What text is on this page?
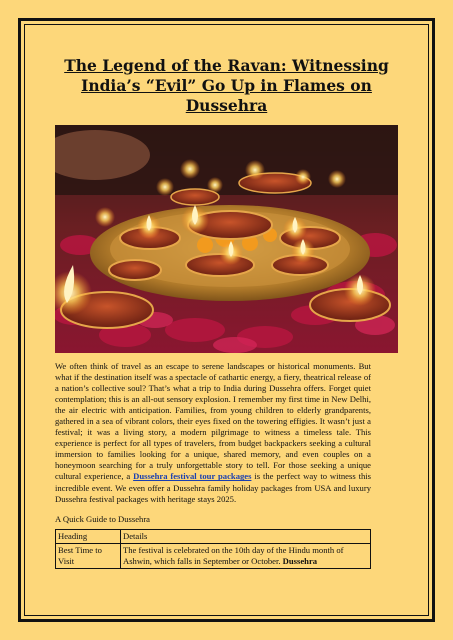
The Legend of the Ravan: Witnessing India’s “Evil” Go Up in Flames on Dussehra

We often think of travel as an escape to serene landscapes or historical monuments. But what if the destination itself was a spectacle of cathartic energy, a fiery, theatrical release of a nation’s collective soul? That’s what a trip to India during Dussehra offers. Forget quiet contemplation; this is an all-out sensory explosion. I remember my first time in New Delhi, the air electric with anticipation. Families, from young children to elderly grandparents, gathered in a sea of vibrant colors, their eyes fixed on the towering effigies. It wasn’t just a festival; it was a living story, a modern pilgrimage to witness a timeless tale. This experience is perfect for all types of travelers, from budget backpackers seeking a cultural immersion to families looking for a unique, shared memory, and even couples on a honeymoon searching for a truly unforgettable story to tell. For those seeking a unique cultural experience, a Dussehra festival tour packages is the perfect way to witness this incredible event. We even offer a Dussehra family holiday packages from USA and luxury Dussehra festival packages with heritage stays 2025.

A Quick Guide to Dussehra

Heading	Details
Best Time to Visit	The festival is celebrated on the 10th day of the Hindu month of Ashwin, which falls in September or October. Dussehra
